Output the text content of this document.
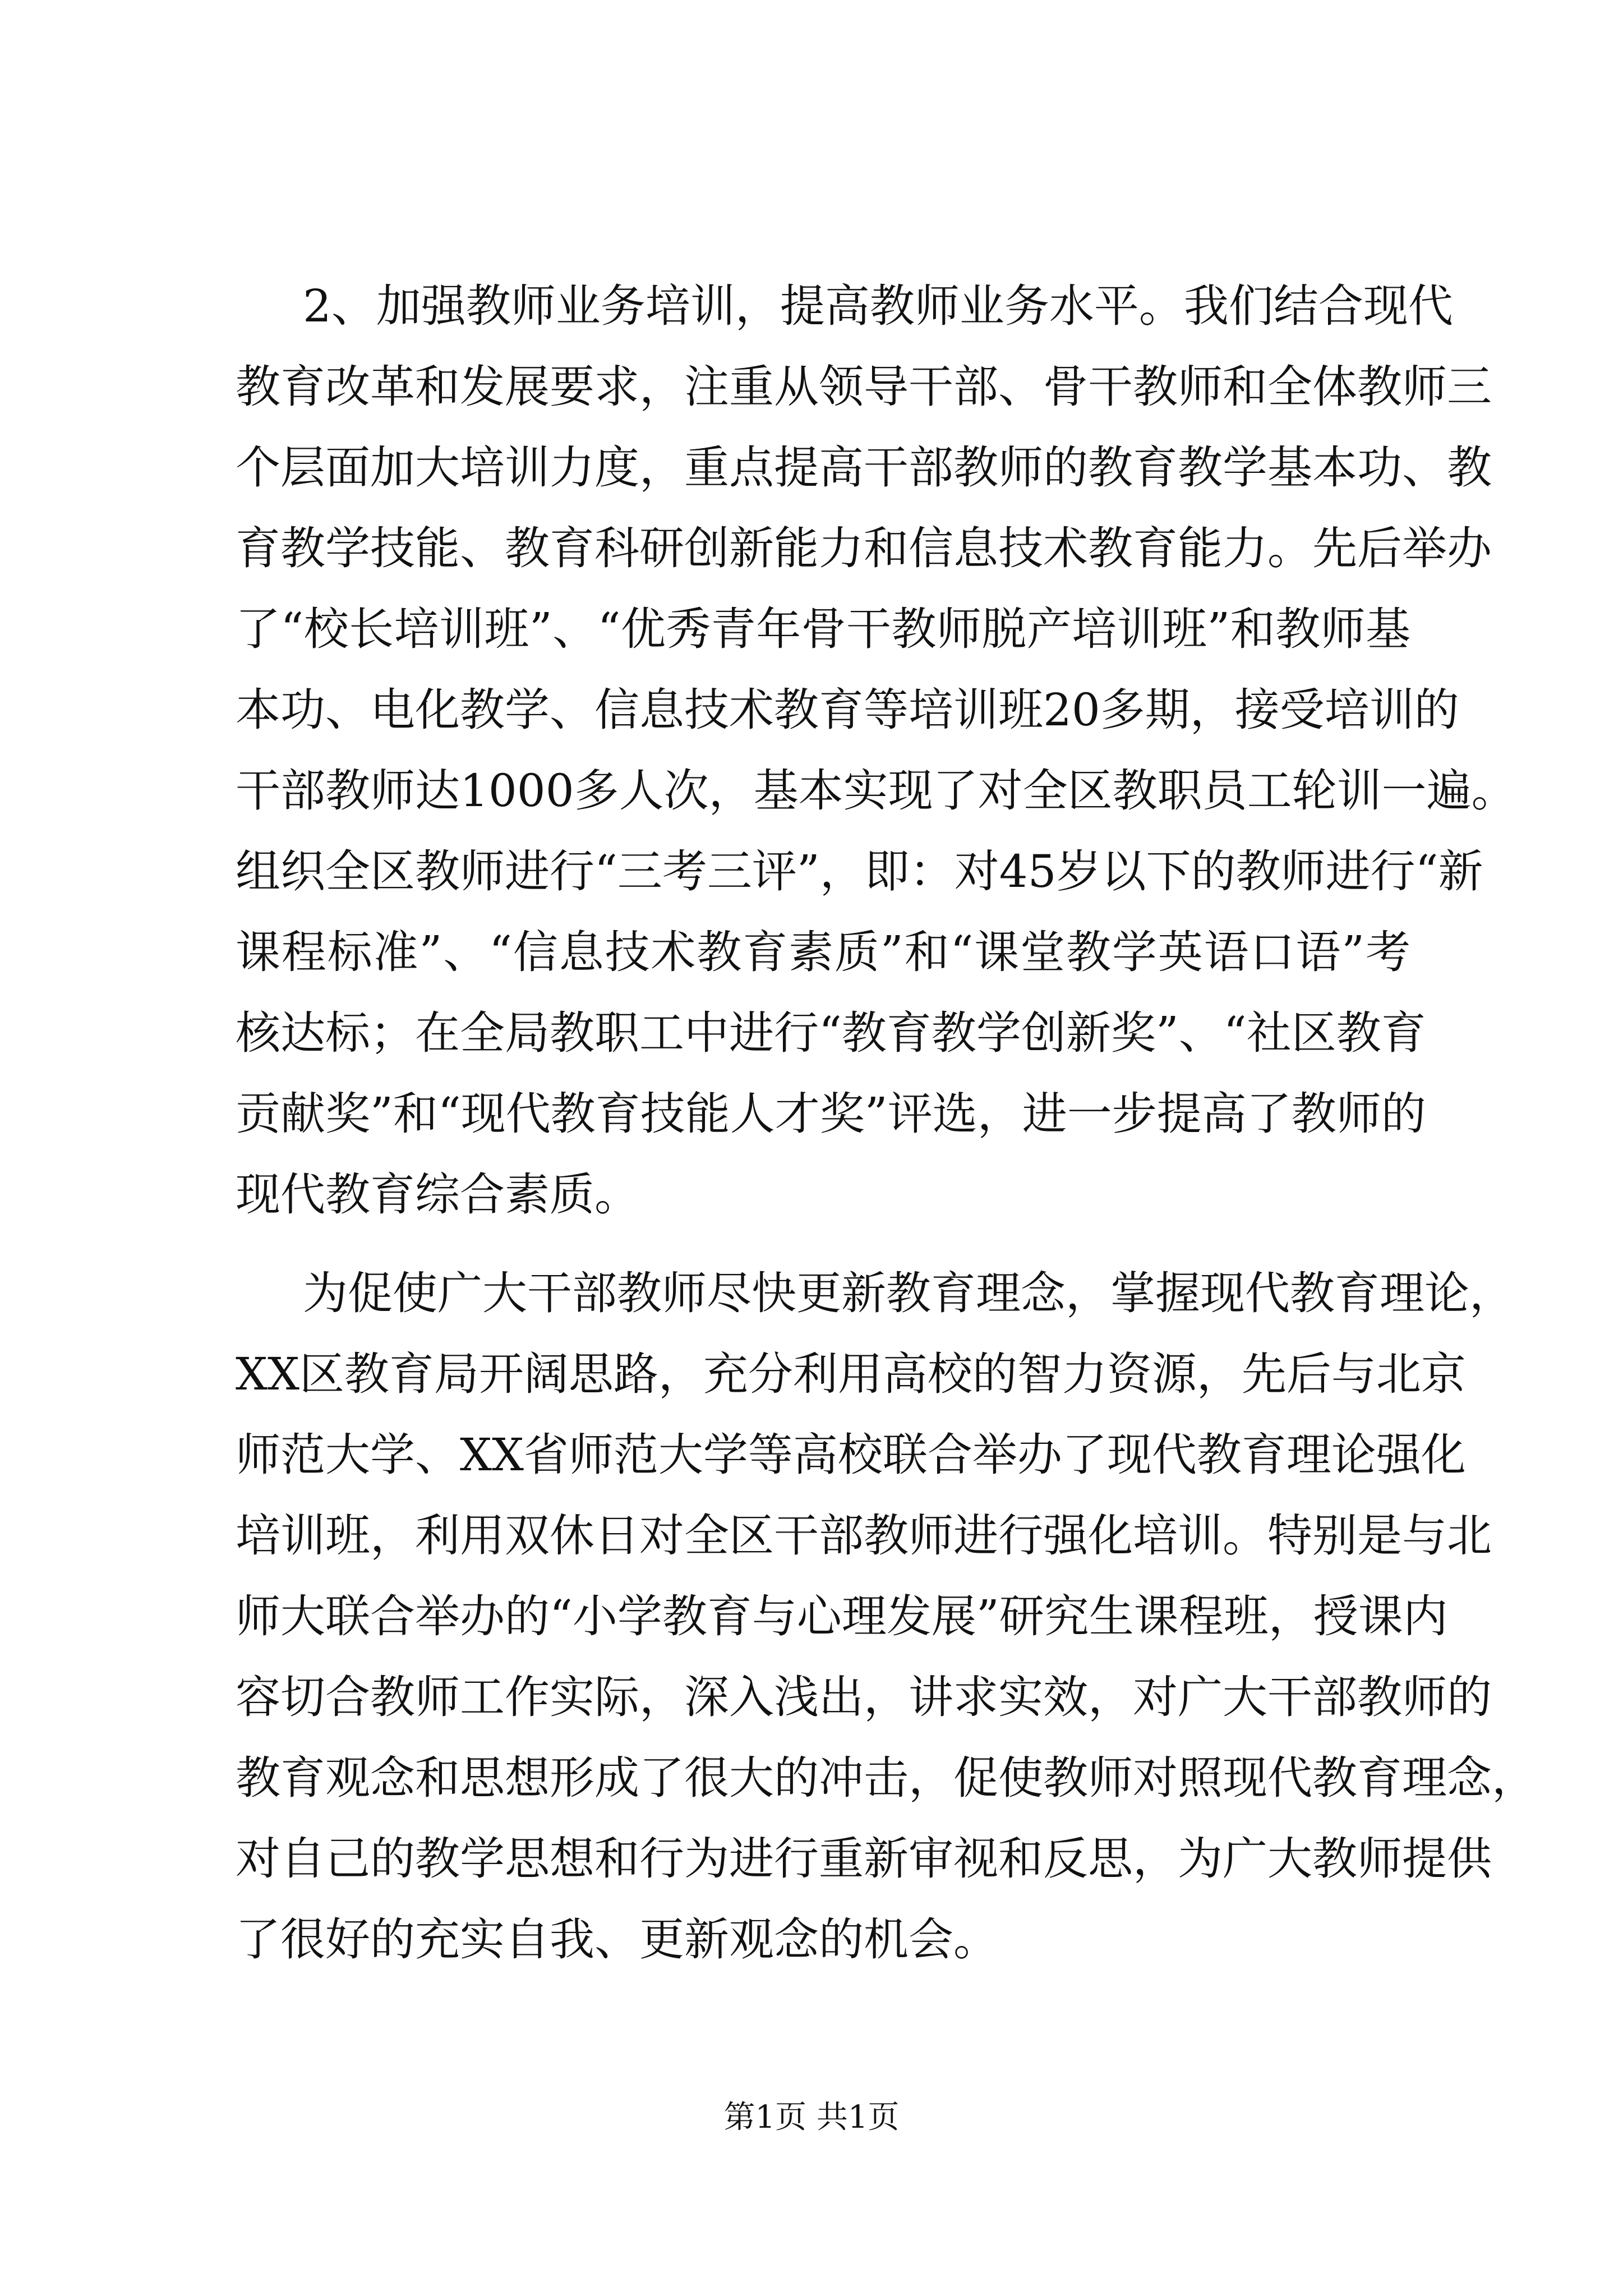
2、加强教师业务培训，提高教师业务水平。我们结合现代
教育改革和发展要求，注重从领导干部、骨干教师和全体教师三
个层面加大培训力度，重点提高干部教师的教育教学基本功、教
育教学技能、教育科研创新能力和信息技术教育能力。先后举办
了“校长培训班”、“优秀青年骨干教师脱产培训班”和教师基
本功、电化教学、信息技术教育等培训班20多期，接受培训的
干部教师达1000多人次，基本实现了对全区教职员工轮训一遍。
组织全区教师进行“三考三评”，即：对45岁以下的教师进行“新
课程标准”、“信息技术教育素质”和“课堂教学英语口语”考
核达标；在全局教职工中进行“教育教学创新奖”、“社区教育
贡献奖”和“现代教育技能人才奖”评选，进一步提高了教师的
现代教育综合素质。
为促使广大干部教师尽快更新教育理念，掌握现代教育理论，
XX区教育局开阔思路，充分利用高校的智力资源，先后与北京
师范大学、XX省师范大学等高校联合举办了现代教育理论强化
培训班，利用双休日对全区干部教师进行强化培训。特别是与北
师大联合举办的“小学教育与心理发展”研究生课程班，授课内
容切合教师工作实际，深入浅出，讲求实效，对广大干部教师的
教育观念和思想形成了很大的冲击，促使教师对照现代教育理念，
对自己的教学思想和行为进行重新审视和反思，为广大教师提供
了很好的充实自我、更新观念的机会。
第1页 共1页
